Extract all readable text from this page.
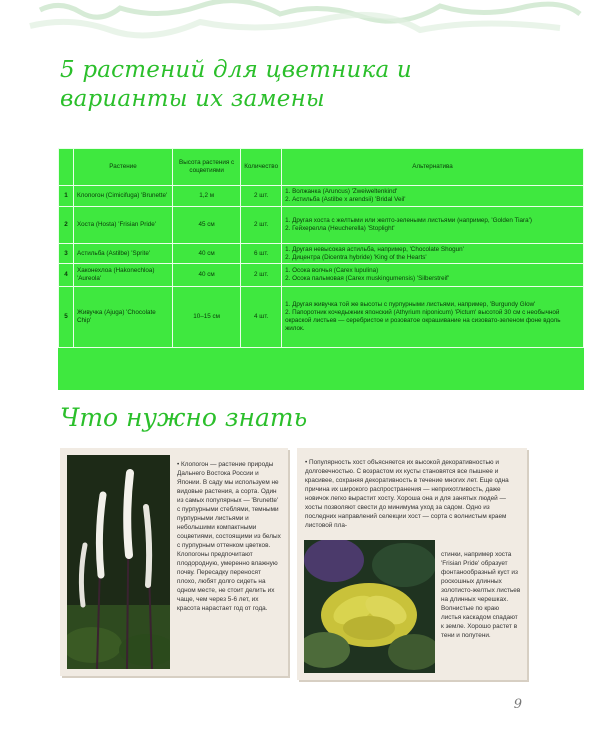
5 растений для цветника и варианты их замены
	Растение	Высота растения с соцветиями	Количество	Альтернатива
1	Клопогон (Cimicifuga) 'Brunette'	1,2 м	2 шт.	1. Волжанка (Aruncus) 'Zweiweltenkind'
2. Астильба (Astilbe x arendsii) 'Bridal Veil'

2	Хоста (Hosta) 'Frisian Pride'	45 см	2 шт.	1. Другая хоста с желтыми или желто-зелеными листьями (например, 'Golden Tiara')
2. Гейхерелла (Heucherella) 'Stoplight'

3	Астильба (Astilbe) 'Sprite'	40 см	6 шт.	1. Другая невысокая астильба, например, 'Chocolate Shogun'
2. Дицентра (Dicentra hybride) 'King of the Hearts'

4	Хаконехлоа (Hakonechloa) 'Aureola'	40 см	2 шт.	1. Осока волчья (Carex lupulina)
2. Осока пальмовая (Carex muskingumensis) 'Silberstreif'

5	Живучка (Ajuga) 'Chocolate Chip'	10–15 см	4 шт.	1. Другая живучка той же высоты с пурпурными листьями, например, 'Burgundy Glow'
2. Папоротник кочедыжник японский (Athyrium niponicum) 'Pictum' высотой 30 см с необычной окраской листьев — серебристое и розоватое окрашивание на сизовато-зеленом фоне вдоль жилок.
Что нужно знать

• Клопогон — растение природы Дальнего Востока России и Японии. В саду мы используем не видовые растения, а сорта. Один из самых популярных — 'Brunette' с пурпурными стеблями, темными пурпурными листьями и небольшими компактными соцветиями, состоящими из белых с пурпурным оттенком цветков. Клопогоны предпочитают плодородную, умеренно влажную почву. Пересадку переносят плохо, любят долго сидеть на одном месте, не стоит делить их чаще, чем через 5-6 лет, их красота нарастает год от года.

• Популярность хост объясняется их высокой декоративностью и долговечностью. С возрастом их кусты становятся все пышнее и красивее, сохраняя декоративность в течение многих лет. Еще одна причина их широкого распространения — неприхотливость, даже новичок легко вырастит хосту. Хороша она и для занятых людей — хосты позволяют свести до минимума уход за садом. Одно из последних направлений селекции хост — сорта с волнистым краем листовой пла-

стинки, например хоста 'Frisian Pride' образует фонтанообразный куст из роскошных длинных золотисто-желтых листьев на длинных черешках. Волнистые по краю листья каскадом спадают к земле. Хорошо растет в тени и полутени.

9
